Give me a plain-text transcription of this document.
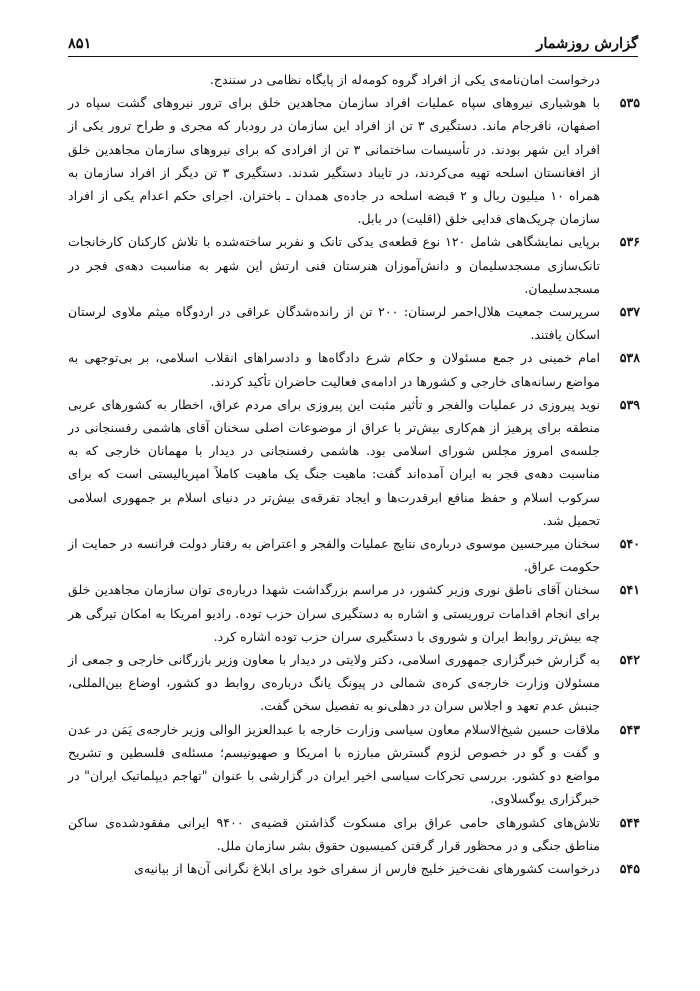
گزارش روزشمار
۸۵۱
درخواست امان‌نامه‌ی یکی از افراد گروه کومه‌له از پایگاه نظامی در سنندج.
۵۳۵
با هوشیاری نیروهای سپاه عملیات افراد سازمان مجاهدین خلق برای ترور نیروهای گشت سپاه در اصفهان، نافرجام ماند. دستگیری ۳ تن از افراد این سازمان در رودبار که مجری و طراح ترور یکی از افراد این شهر بودند. در تأسیسات ساختمانی ۳ تن از افرادی که برای نیروهای سازمان مجاهدین خلق از افغانستان اسلحه تهیه می‌کردند، در تایباد دستگیر شدند. دستگیری ۳ تن دیگر از افراد سازمان به همراه ۱۰ میلیون ریال و ۲ قبضه اسلحه در جاده‌ی همدان ـ باختران. اجرای حکم اعدام یکی از افراد سازمان چریک‌های فدایی خلق (اقلیت) در بابل.
۵۳۶
برپایی نمایشگاهی شامل ۱۲۰ نوع قطعه‌ی یدکی تانک و نفربر ساخته‌شده با تلاش کارکنان کارخانجات تانک‌سازی مسجدسلیمان و دانش‌آموزان هنرستان فنی ارتش این شهر به مناسبت دهه‌ی فجر در مسجدسلیمان.
۵۳۷
سرپرست جمعیت هلال‌احمر لرستان: ۲۰۰ تن از رانده‌شدگان عراقی در اردوگاه میثم ملاوی لرستان اسکان یافتند.
۵۳۸
امام خمینی در جمع مسئولان و حکام شرع دادگاه‌ها و دادسراهای انقلاب اسلامی، بر بی‌توجهی به مواضع رسانه‌های خارجی و کشورها در ادامه‌ی فعالیت حاضران تأکید کردند.
۵۳۹
نوید پیروزی در عملیات والفجر و تأثیر مثبت این پیروزی برای مردم عراق، اخطار به کشورهای عربی منطقه برای پرهیز از هم‌کاری بیش‌تر با عراق از موضوعات اصلی سخنان آقای هاشمی رفسنجانی در جلسه‌ی امروز مجلس شورای اسلامی بود. هاشمی رفسنجانی در دیدار با مهمانان خارجی که به مناسبت دهه‌ی فجر به ایران آمده‌اند گفت: ماهیت جنگ یک ماهیت کاملاً امپریالیستی است که برای سرکوب اسلام و حفظ منافع ابرقدرت‌ها و ایجاد تفرقه‌ی بیش‌تر در دنیای اسلام بر جمهوری اسلامی تحمیل شد.
۵۴۰
سخنان میرحسین موسوی درباره‌ی نتایج عملیات والفجر و اعتراض به رفتار دولت فرانسه در حمایت از حکومت عراق.
۵۴۱
سخنان آقای ناطق نوری وزیر کشور، در مراسم بزرگداشت شهدا درباره‌ی توان سازمان مجاهدین خلق برای انجام اقدامات تروریستی و اشاره به دستگیری سران حزب توده. رادیو امریکا به امکان تیرگی هر چه بیش‌تر روابط ایران و شوروی با دستگیری سران حزب توده اشاره کرد.
۵۴۲
به گزارش خبرگزاری جمهوری اسلامی، دکتر ولایتی در دیدار با معاون وزیر بازرگانی خارجی و جمعی از مسئولان وزارت خارجه‌ی کره‌ی شمالی در پیونگ یانگ درباره‌ی روابط دو کشور، اوضاع بین‌المللی، جنبش عدم تعهد و اجلاس سران در دهلی‌نو به تفصیل سخن گفت.
۵۴۳
ملاقات حسین شیخ‌الاسلام معاون سیاسی وزارت خارجه با عبدالعزیز الوالی وزیر خارجه‌ی یَمَن در عدن و گفت و گو در خصوص لزوم گسترش مبارزه با امریکا و صهیونیسم؛ مسئله‌ی فلسطین و تشریح مواضع دو کشور. بررسی تحرکات سیاسی اخیر ایران در گزارشی با عنوان "تهاجم دیپلماتیک ایران" در خبرگزاری یوگسلاوی.
۵۴۴
تلاش‌های کشورهای حامی عراق برای مسکوت گذاشتن قضیه‌ی ۹۴۰۰ ایرانی مفقودشده‌ی ساکن مناطق جنگی و در محظور قرار گرفتن کمیسیون حقوق بشر سازمان ملل.
۵۴۵
درخواست کشورهای نفت‌خیز خلیج فارس از سفرای خود برای ابلاغ نگرانی آن‌ها از بیانیه‌ی
